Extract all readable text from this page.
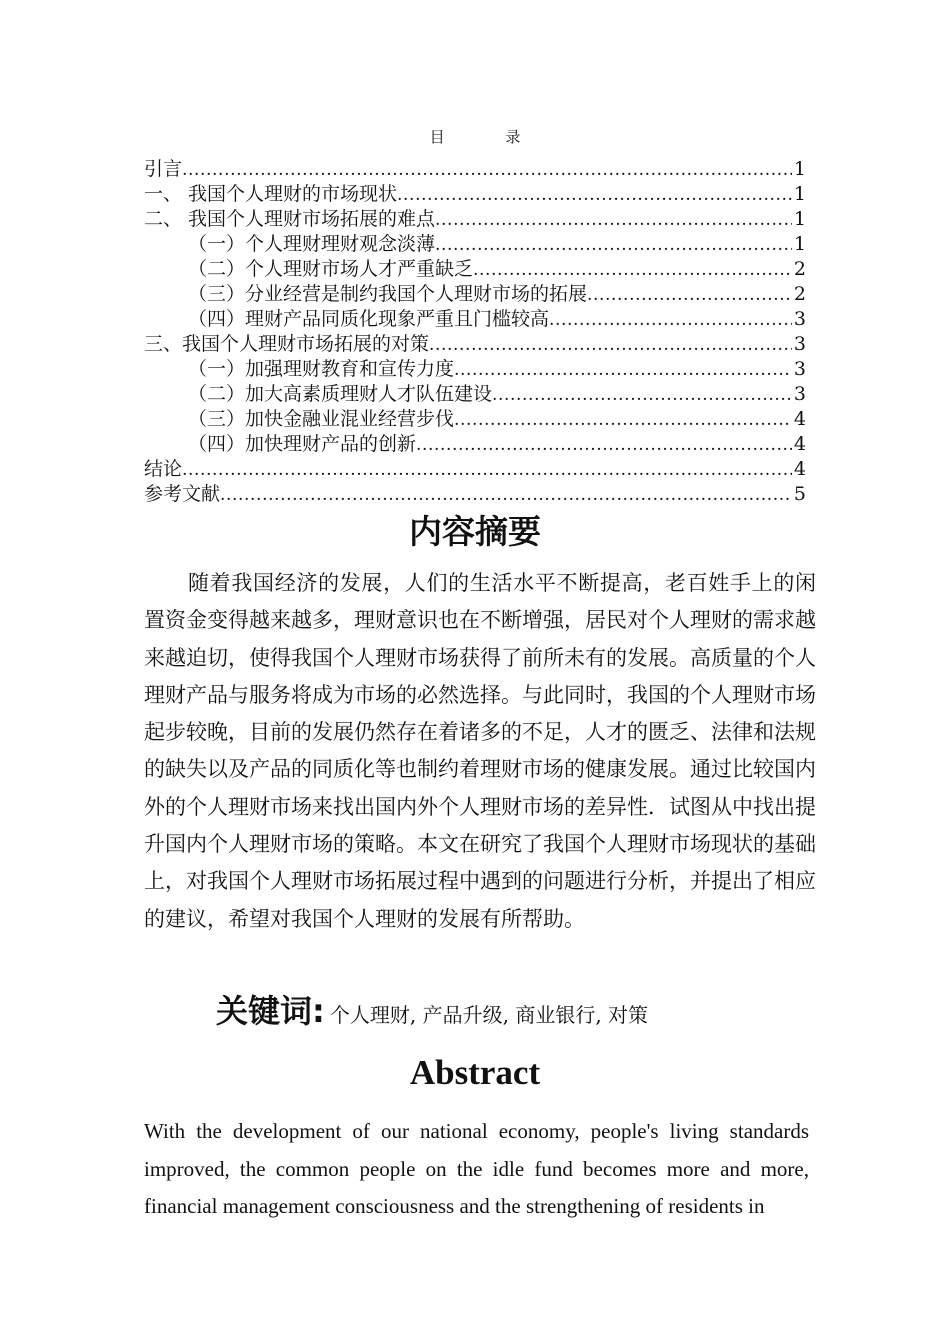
目 录
引言 . . .	1
一、 我国个人理财的市场现状 . . .	1
二、 我国个人理财市场拓展的难点 . . .	1
（一）个人理财理财观念淡薄 . . .	1
（二）个人理财市场人才严重缺乏 . . .	2
（三）分业经营是制约我国个人理财市场的拓展 . . .	2
（四）理财产品同质化现象严重且门槛较高 . . .	3
三、我国个人理财市场拓展的对策 . . .	3
（一）加强理财教育和宣传力度 . . .	3
（二）加大高素质理财人才队伍建设 . . .	3
（三）加快金融业混业经营步伐 . . .	4
（四）加快理财产品的创新 . . .	4
结论 . . .	4
参考文献 . . .	5
内容摘要
随着我国经济的发展，人们的生活水平不断提高，老百姓手上的闲置资金变得越来越多，理财意识也在不断增强，居民对个人理财的需求越来越迫切，使得我国个人理财市场获得了前所未有的发展。高质量的个人理财产品与服务将成为市场的必然选择。与此同时，我国的个人理财市场起步较晚，目前的发展仍然存在着诸多的不足，人才的匮乏、法律和法规的缺失以及产品的同质化等也制约着理财市场的健康发展。通过比较国内外的个人理财市场来找出国内外个人理财市场的差异性．试图从中找出提升国内个人理财市场的策略。本文在研究了我国个人理财市场现状的基础上，对我国个人理财市场拓展过程中遇到的问题进行分析，并提出了相应的建议，希望对我国个人理财的发展有所帮助。
关键词: 个人理财, 产品升级, 商业银行, 对策
Abstract
With the development of our national economy, people's living standards improved, the common people on the idle fund becomes more and more, financial management consciousness and the strengthening of residents in
